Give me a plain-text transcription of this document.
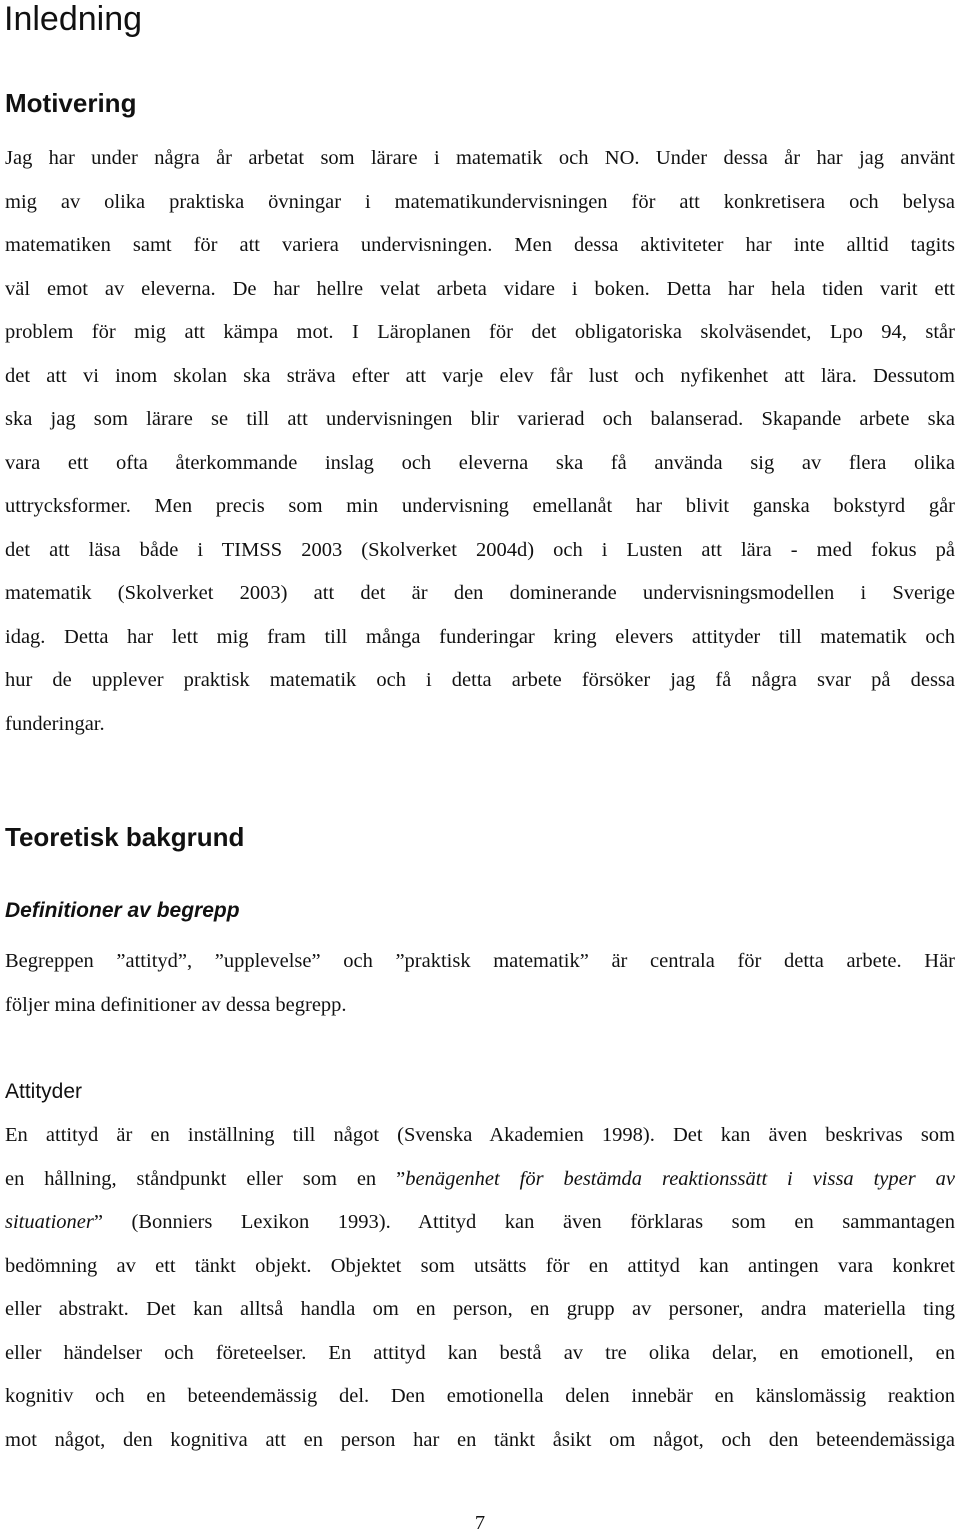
Inledning
Motivering
Jag har under några år arbetat som lärare i matematik och NO. Under dessa år har jag använt
mig av olika praktiska övningar i matematikundervisningen för att konkretisera och belysa
matematiken samt för att variera undervisningen. Men dessa aktiviteter har inte alltid tagits
väl emot av eleverna. De har hellre velat arbeta vidare i boken. Detta har hela tiden varit ett
problem för mig att kämpa mot. I Läroplanen för det obligatoriska skolväsendet, Lpo 94, står
det att vi inom skolan ska sträva efter att varje elev får lust och nyfikenhet att lära. Dessutom
ska jag som lärare se till att undervisningen blir varierad och balanserad. Skapande arbete ska
vara ett ofta återkommande inslag och eleverna ska få använda sig av flera olika
uttrycksformer. Men precis som min undervisning emellanåt har blivit ganska bokstyrd går
det att läsa både i TIMSS 2003 (Skolverket 2004d) och i Lusten att lära - med fokus på
matematik (Skolverket 2003) att det är den dominerande undervisningsmodellen i Sverige
idag. Detta har lett mig fram till många funderingar kring elevers attityder till matematik och
hur de upplever praktisk matematik och i detta arbete försöker jag få några svar på dessa
funderingar.
Teoretisk bakgrund
Definitioner av begrepp
Begreppen ”attityd”, ”upplevelse” och ”praktisk matematik” är centrala för detta arbete. Här
följer mina definitioner av dessa begrepp.
Attityder
En attityd är en inställning till något (Svenska Akademien 1998). Det kan även beskrivas som
en hållning, ståndpunkt eller som en ”benägenhet för bestämda reaktionssätt i vissa typer av
situationer” (Bonniers Lexikon 1993). Attityd kan även förklaras som en sammantagen
bedömning av ett tänkt objekt. Objektet som utsätts för en attityd kan antingen vara konkret
eller abstrakt. Det kan alltså handla om en person, en grupp av personer, andra materiella ting
eller händelser och företeelser. En attityd kan bestå av tre olika delar, en emotionell, en
kognitiv och en beteendemässig del. Den emotionella delen innebär en känslomässig reaktion
mot något, den kognitiva att en person har en tänkt åsikt om något, och den beteendemässiga
7
